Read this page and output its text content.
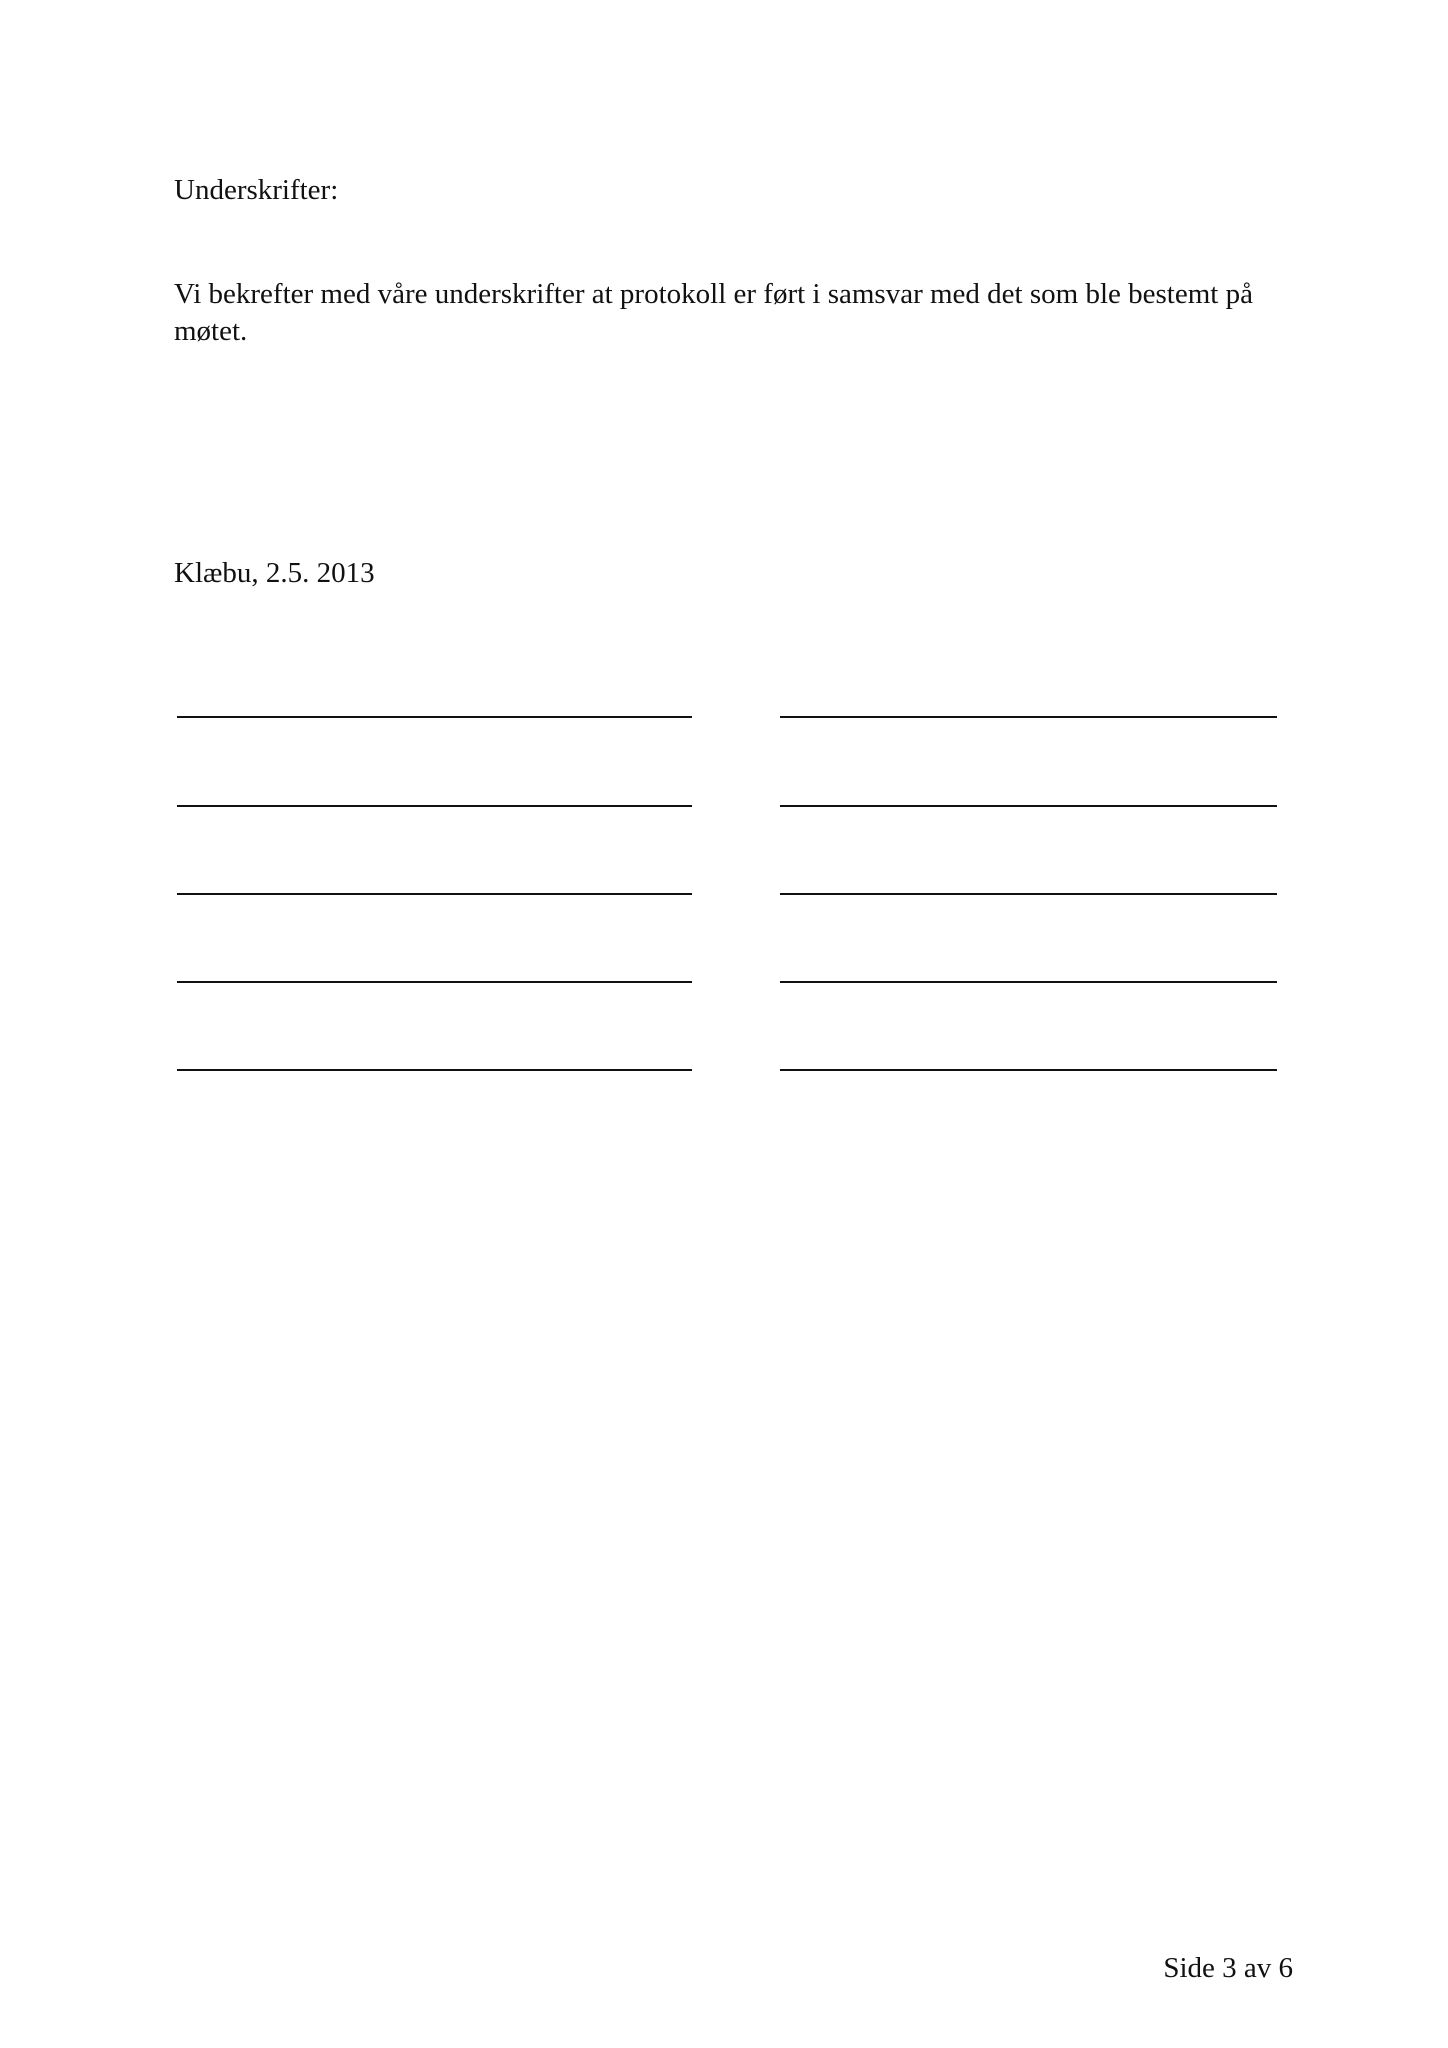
Underskrifter:

Vi bekrefter med våre underskrifter at protokoll er ført i samsvar med det som ble bestemt på møtet.

Klæbu, 2.5. 2013

Side 3 av 6
